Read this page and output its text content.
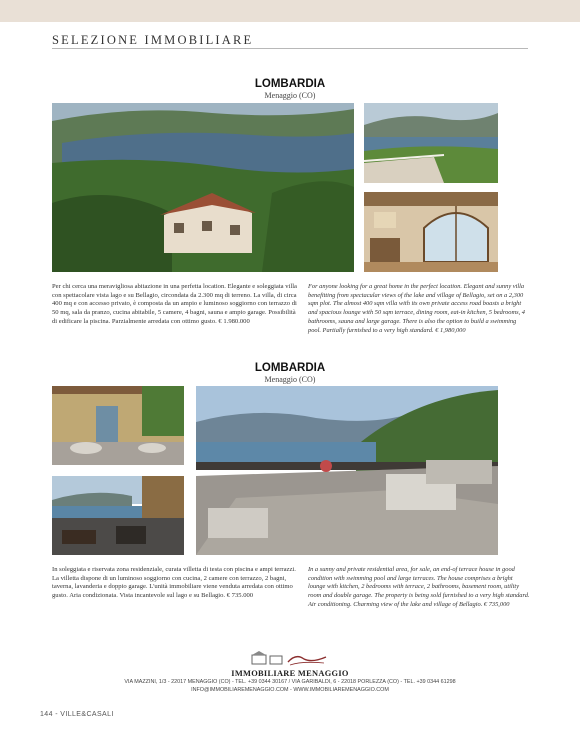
SELEZIONE IMMOBILIARE
LOMBARDIA
Menaggio (CO)
Per chi cerca una meravigliosa abitazione in una perfetta location. Elegante e soleggiata villa con spettacolare vista lago e su Bellagio, circondata da 2.300 mq di terreno. La villa, di circa 400 mq e con accesso privato, è composta da un ampio e luminoso soggiorno con terrazzo di 50 mq, sala da pranzo, cucina abitabile, 5 camere, 4 bagni, sauna e ampio garage. Possibilità di edificare la piscina. Parzialmente arredata con ottimo gusto. € 1.980.000
For anyone looking for a great home in the perfect location. Elegant and sunny villa benefitting from spectacular views of the lake and village of Bellagio, set on a 2,300 sqm plot. The almost 400 sqm villa with its own private access road boasts a bright and spacious lounge with 50 sqm terrace, dining room, eat-in kitchen, 5 bedrooms, 4 bathrooms, sauna and large garage. There is also the option to build a swimming pool. Partially furnished to a very high standard. € 1,980,000
LOMBARDIA
Menaggio (CO)
In soleggiata e riservata zona residenziale, curata villetta di testa con piscina e ampi terrazzi. La villetta dispone di un luminoso soggiorno con cucina, 2 camere con terrazzo, 2 bagni, taverna, lavanderia e doppio garage. L'unità immobiliare viene venduta arredata con ottimo gusto. Aria condizionata. Vista incantevole sul lago e su Bellagio. € 735.000
In a sunny and private residential area, for sale, an end-of terrace house in good condition with swimming pool and large terraces. The house comprises a bright lounge with kitchen, 2 bedrooms with terrace, 2 bathrooms, basement room, utility room and double garage. The property is being sold furnished to a very high standard. Air conditioning. Charming view of the lake and village of Bellagio. € 735,000
IMMOBILIARE MENAGGIO
VIA MAZZINI, 1/3 - 22017 MENAGGIO (CO) - TEL. +39 0344 30167 / VIA GARIBALDI, 6 - 22018 PORLEZZA (CO) - TEL. +39 0344 61298
INFO@IMMOBILIAREMENAGGIO.COM - WWW.IMMOBILIAREMENAGGIO.COM
144 - VILLE&CASALI
